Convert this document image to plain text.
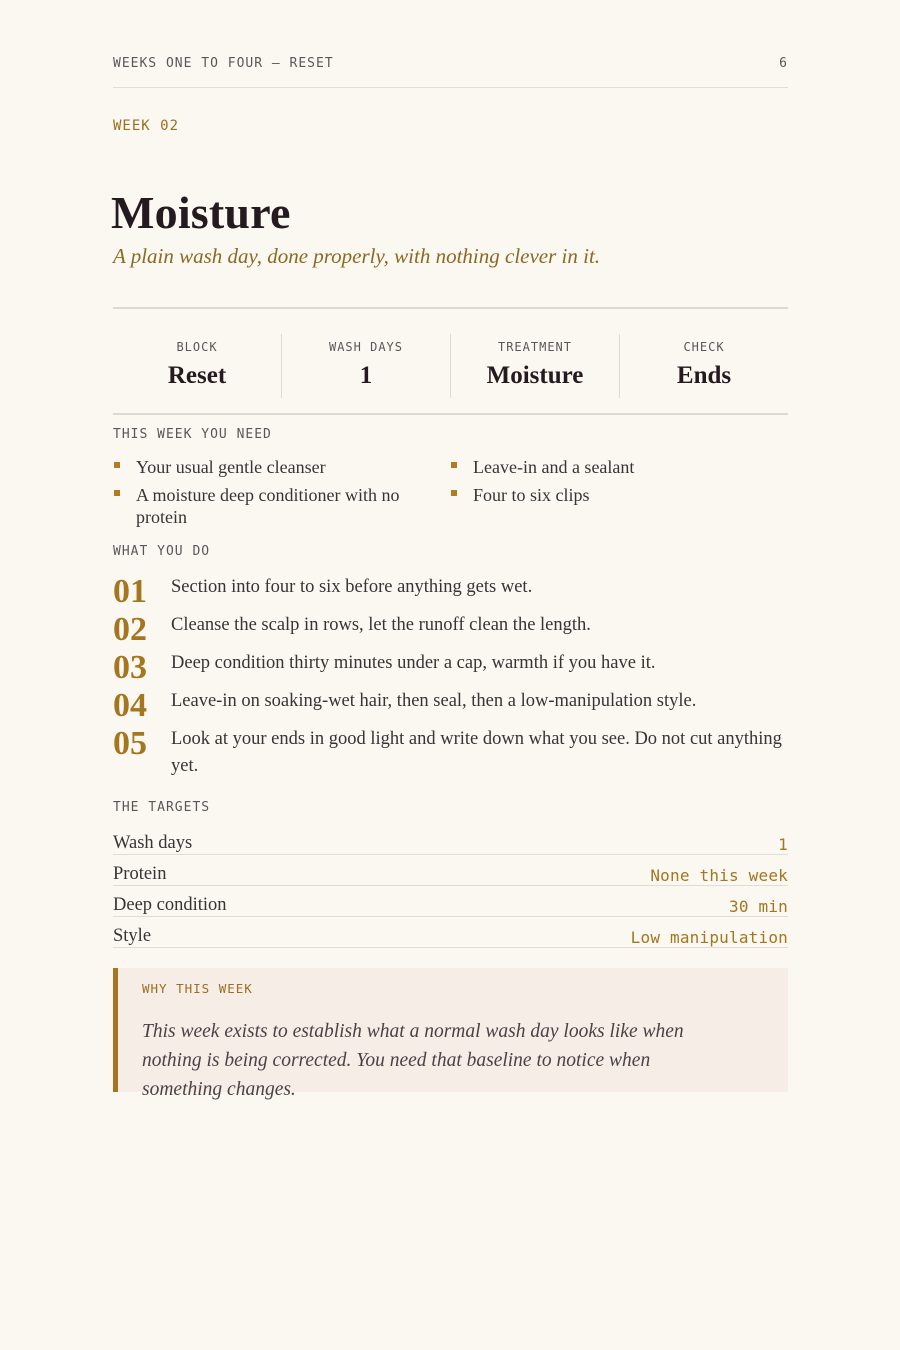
WEEKS ONE TO FOUR — RESET	6
WEEK 02
Moisture
A plain wash day, done properly, with nothing clever in it.
BLOCK
Reset
WASH DAYS
1
TREATMENT
Moisture
CHECK
Ends
THIS WEEK YOU NEED
Your usual gentle cleanser	Leave-in and a sealant
A moisture deep conditioner with no protein
Four to six clips
WHAT YOU DO
01	Section into four to six before anything gets wet.
02	Cleanse the scalp in rows, let the runoff clean the length.
03	Deep condition thirty minutes under a cap, warmth if you have it.
04	Leave-in on soaking-wet hair, then seal, then a low-manipulation style.
05	Look at your ends in good light and write down what you see. Do not cut anything yet.
THE TARGETS
Wash days	1
Protein	None this week
Deep condition	30 min
Style	Low manipulation
WHY THIS WEEK
This week exists to establish what a normal wash day looks like when nothing is being corrected. You need that baseline to notice when something changes.
